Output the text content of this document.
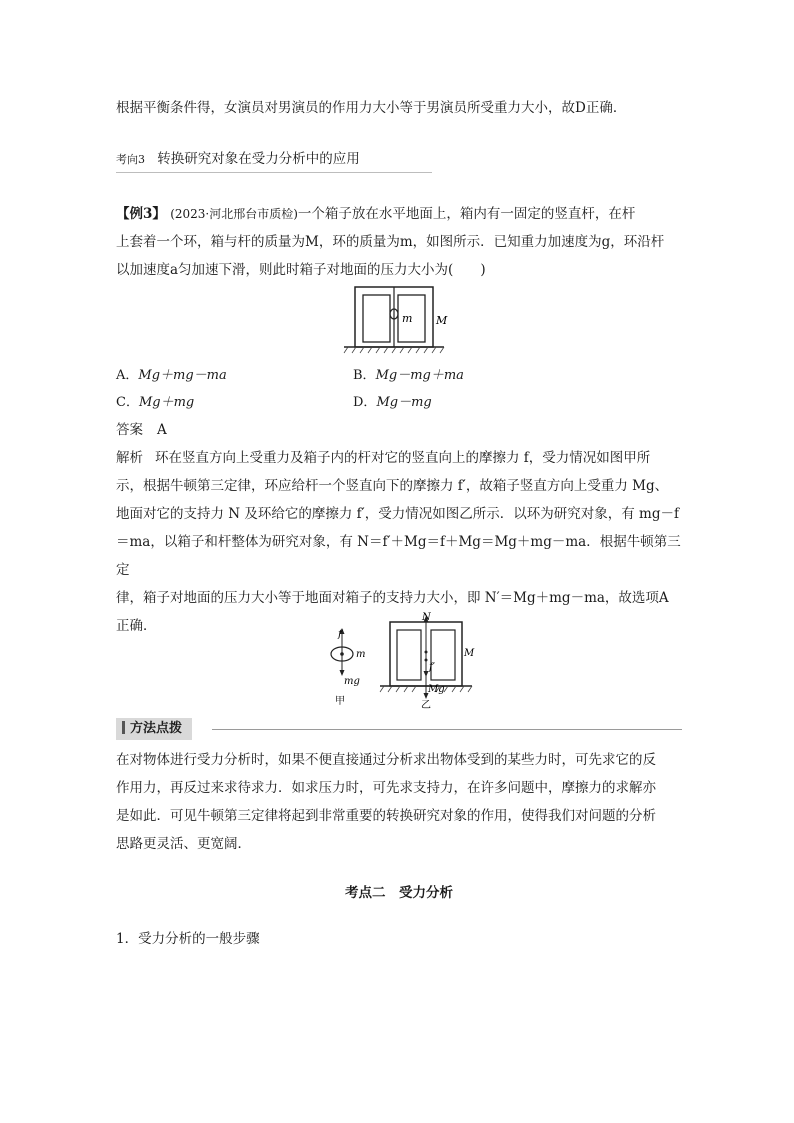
根据平衡条件得，女演员对男演员的作用力大小等于男演员所受重力大小，故D正确．
考向3 转换研究对象在受力分析中的应用
【例3】 (2023·河北邢台市质检)一个箱子放在水平地面上，箱内有一固定的竖直杆，在杆
上套着一个环，箱与杆的质量为M，环的质量为m，如图所示．已知重力加速度为g，环沿杆
以加速度a匀加速下滑，则此时箱子对地面的压力大小为(　　)
m M
A．Mg＋mg－ma	B．Mg－mg＋ma
C．Mg＋mg	D．Mg－mg
答案 A
解析 环在竖直方向上受重力及箱子内的杆对它的竖直向上的摩擦力 f，受力情况如图甲所
示，根据牛顿第三定律，环应给杆一个竖直向下的摩擦力 f′，故箱子竖直方向上受重力 Mg、
地面对它的支持力 N 及环给它的摩擦力 f′，受力情况如图乙所示．以环为研究对象，有 mg－f
＝ma，以箱子和杆整体为研究对象，有 N＝f′＋Mg＝f＋Mg＝Mg＋mg－ma．根据牛顿第三定
律，箱子对地面的压力大小等于地面对箱子的支持力大小，即 N′＝Mg＋mg－ma，故选项A
正确．
f
m
mg
甲
N
f′
M
Mg
乙
方法点拨
在对物体进行受力分析时，如果不便直接通过分析求出物体受到的某些力时，可先求它的反
作用力，再反过来求待求力．如求压力时，可先求支持力，在许多问题中，摩擦力的求解亦
是如此．可见牛顿第三定律将起到非常重要的转换研究对象的作用，使得我们对问题的分析
思路更灵活、更宽阔．
考点二　受力分析
1．受力分析的一般步骤
